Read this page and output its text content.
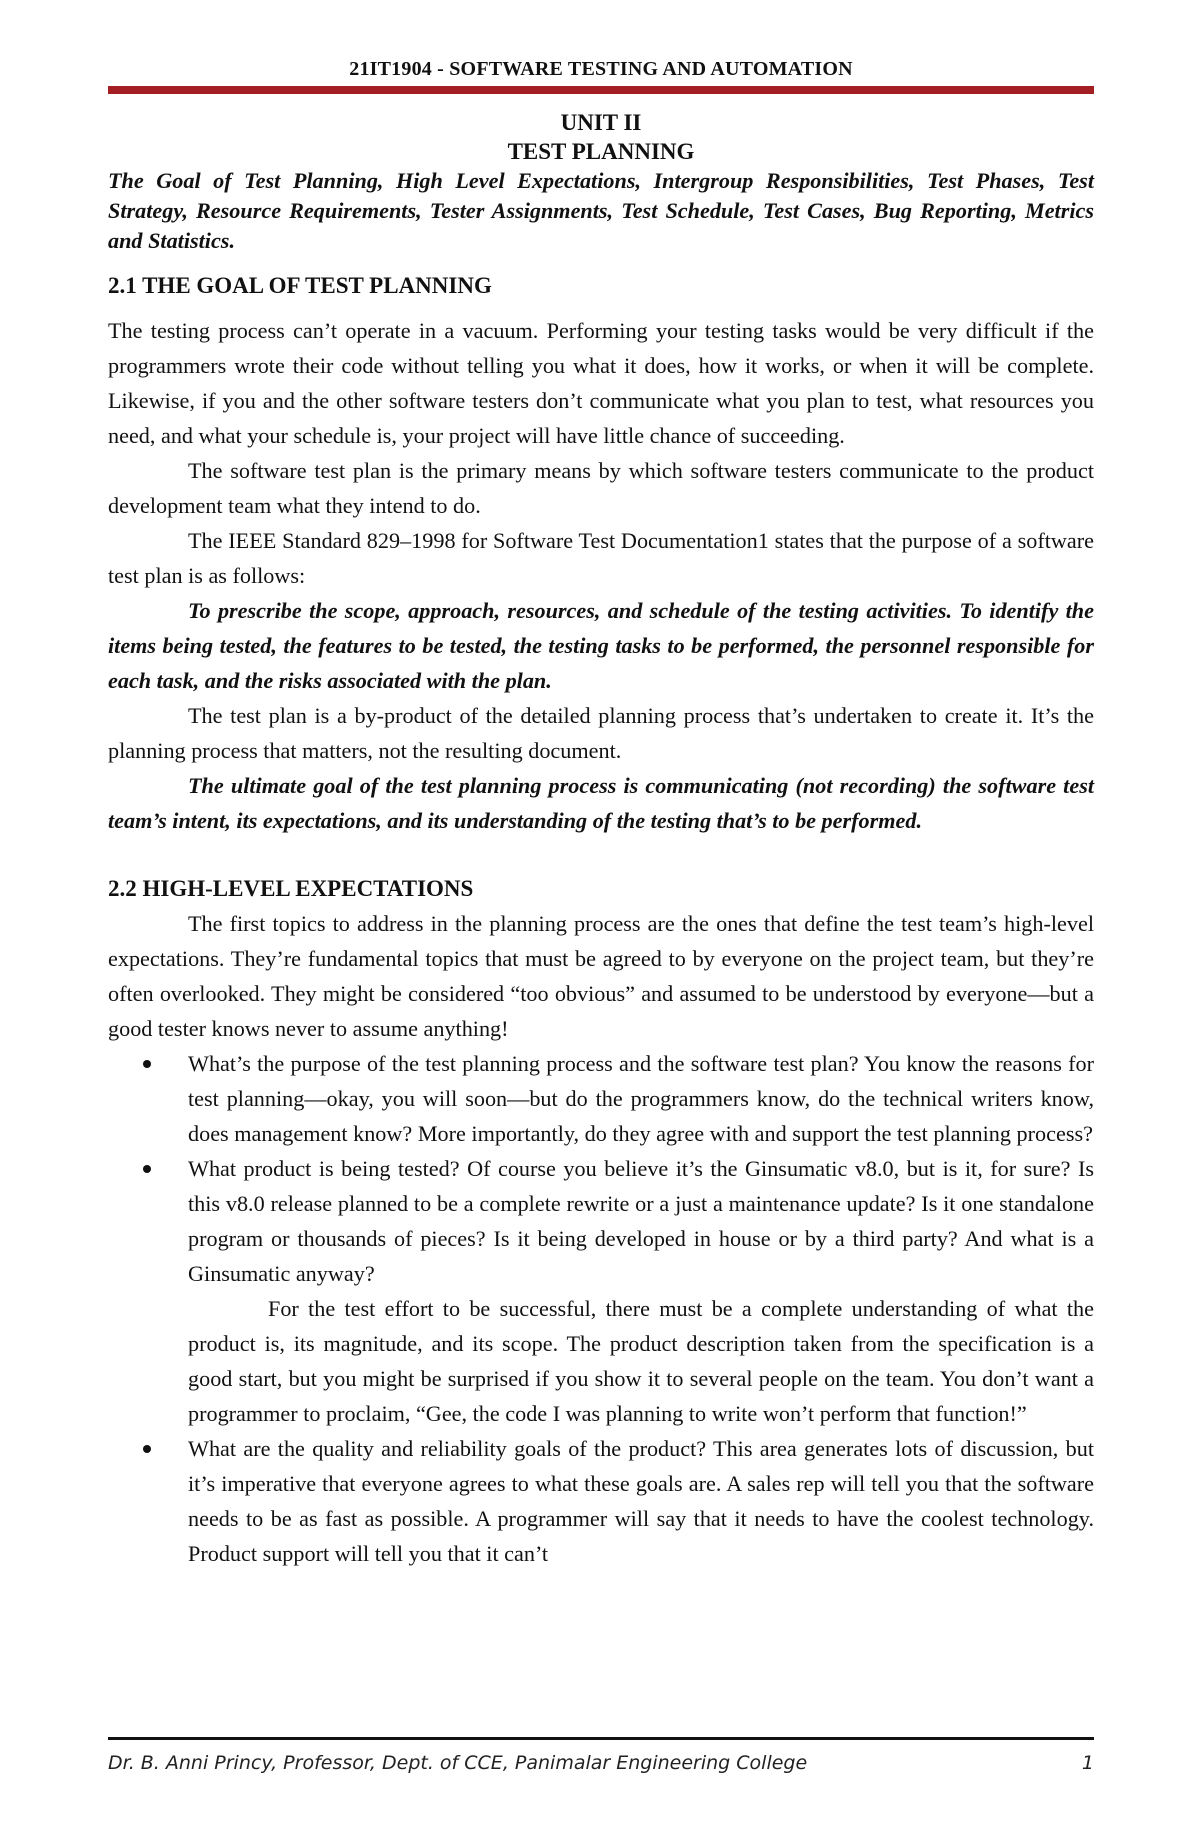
21IT1904 - SOFTWARE TESTING AND AUTOMATION
UNIT II
TEST PLANNING

The Goal of Test Planning, High Level Expectations, Intergroup Responsibilities, Test Phases, Test Strategy, Resource Requirements, Tester Assignments, Test Schedule, Test Cases, Bug Reporting, Metrics and Statistics.

2.1 THE GOAL OF TEST PLANNING

The testing process can’t operate in a vacuum. Performing your testing tasks would be very difficult if the programmers wrote their code without telling you what it does, how it works, or when it will be complete. Likewise, if you and the other software testers don’t communicate what you plan to test, what resources you need, and what your schedule is, your project will have little chance of succeeding.

The software test plan is the primary means by which software testers communicate to the product development team what they intend to do.

The IEEE Standard 829–1998 for Software Test Documentation1 states that the purpose of a software test plan is as follows:

To prescribe the scope, approach, resources, and schedule of the testing activities. To identify the items being tested, the features to be tested, the testing tasks to be performed, the personnel responsible for each task, and the risks associated with the plan.

The test plan is a by-product of the detailed planning process that’s undertaken to create it. It’s the planning process that matters, not the resulting document.

The ultimate goal of the test planning process is communicating (not recording) the software test team’s intent, its expectations, and its understanding of the testing that’s to be performed.

2.2 HIGH-LEVEL EXPECTATIONS

The first topics to address in the planning process are the ones that define the test team’s high-level expectations. They’re fundamental topics that must be agreed to by everyone on the project team, but they’re often overlooked. They might be considered “too obvious” and assumed to be understood by everyone—but a good tester knows never to assume anything!

What’s the purpose of the test planning process and the software test plan? You know the reasons for test planning—okay, you will soon—but do the programmers know, do the technical writers know, does management know? More importantly, do they agree with and support the test planning process?
What product is being tested? Of course you believe it’s the Ginsumatic v8.0, but is it, for sure? Is this v8.0 release planned to be a complete rewrite or a just a maintenance update? Is it one standalone program or thousands of pieces? Is it being developed in house or by a third party? And what is a Ginsumatic anyway?

For the test effort to be successful, there must be a complete understanding of what the product is, its magnitude, and its scope. The product description taken from the specification is a good start, but you might be surprised if you show it to several people on the team. You don’t want a programmer to proclaim, “Gee, the code I was planning to write won’t perform that function!”

What are the quality and reliability goals of the product? This area generates lots of discussion, but it’s imperative that everyone agrees to what these goals are. A sales rep will tell you that the software needs to be as fast as possible. A programmer will say that it needs to have the coolest technology. Product support will tell you that it can’t
Dr. B. Anni Princy, Professor, Dept. of CCE, Panimalar Engineering College	1
